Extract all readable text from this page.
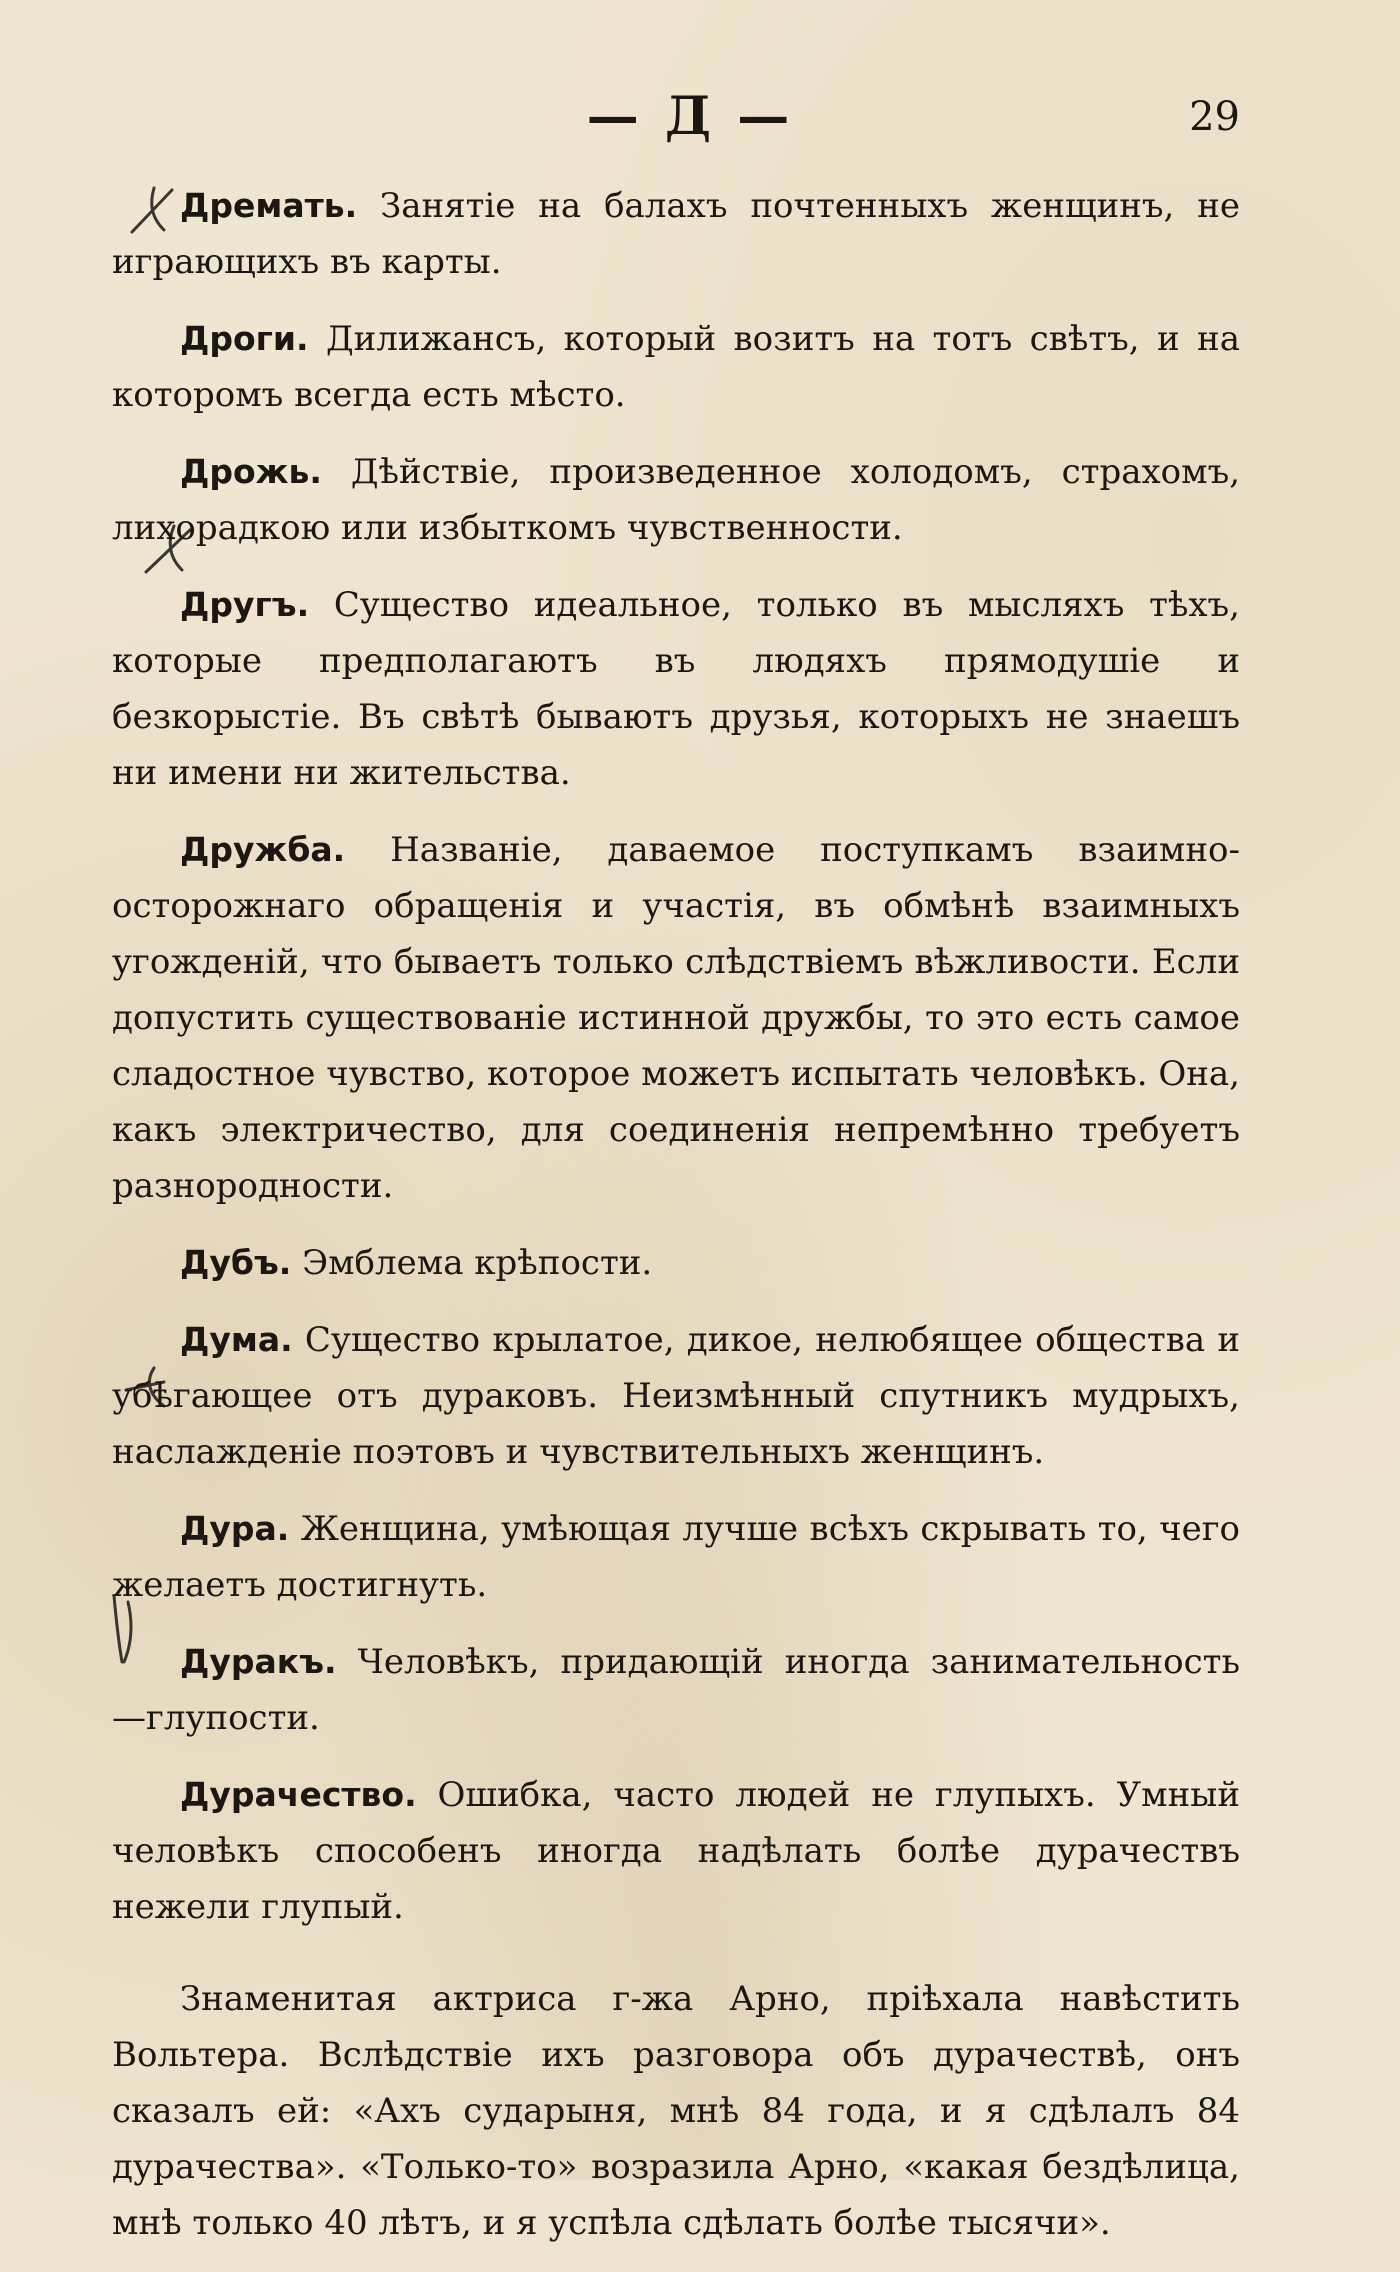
— Д —	29

Дремать. Занятіе на балахъ почтенныхъ женщинъ, не играющихъ въ карты.

Дроги. Дилижансъ, который возитъ на тотъ свѣтъ, и на которомъ всегда есть мѣсто.

Дрожь. Дѣйствіе, произведенное холодомъ, страхомъ, лихорадкою или избыткомъ чувственности.

Другъ. Существо идеальное, только въ мысляхъ тѣхъ, которые предполагаютъ въ людяхъ прямодушіе и безкорыстіе. Въ свѣтѣ бываютъ друзья, которыхъ не знаешъ ни имени ни жительства.

Дружба. Названіе, даваемое поступкамъ взаимно-осторожнаго обращенія и участія, въ обмѣнѣ взаимныхъ угожденій, что бываетъ только слѣдствіемъ вѣжливости. Если допустить существованіе истинной дружбы, то это есть самое сладостное чувство, которое можетъ испытать человѣкъ. Она, какъ электричество, для соединенія непремѣнно требуетъ разнородности.

Дубъ. Эмблема крѣпости.

Дума. Существо крылатое, дикое, нелюбящее общества и убѣгающее отъ дураковъ. Неизмѣнный спутникъ мудрыхъ, наслажденіе поэтовъ и чувствительныхъ женщинъ.

Дура. Женщина, умѣющая лучше всѣхъ скрывать то, чего желаетъ достигнуть.

Дуракъ. Человѣкъ, придающій иногда занимательность —глупости.

Дурачество. Ошибка, часто людей не глупыхъ. Умный человѣкъ способенъ иногда надѣлать болѣе дурачествъ нежели глупый.

Знаменитая актриса г-жа Арно, пріѣхала навѣстить Вольтера. Вслѣдствіе ихъ разговора объ дурачествѣ, онъ сказалъ ей: «Ахъ сударыня, мнѣ 84 года, и я сдѣлалъ 84 дурачества». «Только-то» возразила Арно, «какая бездѣлица, мнѣ только 40 лѣтъ, и я успѣла сдѣлать болѣе тысячи».
